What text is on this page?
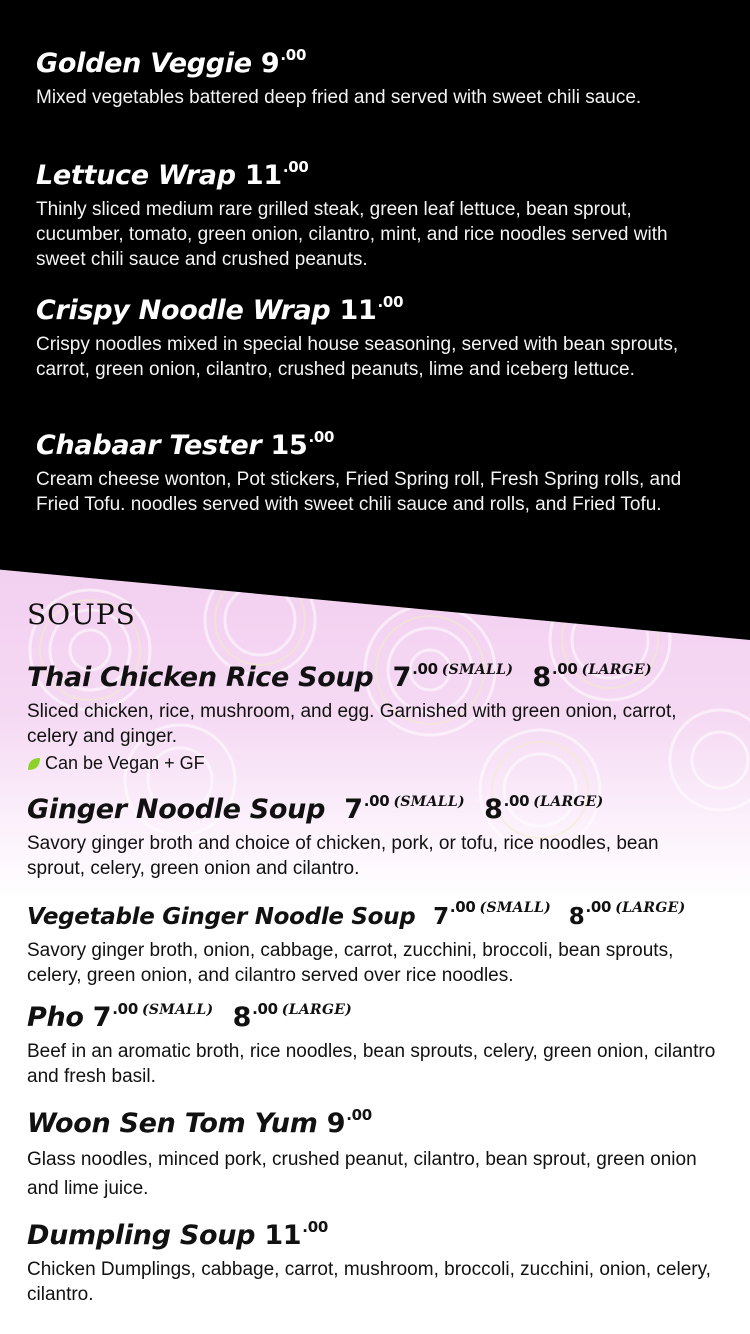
Golden Veggie $9^{.00}$
Mixed vegetables battered deep fried and served with sweet chili sauce.
Lettuce Wrap $11^{.00}$
Thinly sliced medium rare grilled steak, green leaf lettuce, bean sprout, cucumber, tomato, green onion, cilantro, mint, and rice noodles served with sweet chili sauce and crushed peanuts.
Crispy Noodle Wrap $11^{.00}$
Crispy noodles mixed in special house seasoning, served with bean sprouts, carrot, green onion, cilantro, crushed peanuts, lime and iceberg lettuce.
Chabaar Tester $15^{.00}$
Cream cheese wonton, Pot stickers, Fried Spring roll, Fresh Spring rolls, and Fried Tofu. noodles served with sweet chili sauce and rolls, and Fried Tofu.
SOUPS
Thai Chicken Rice Soup $7^{.00}$ $^{(SMALL)}$ $8^{.00}$ $^{(LARGE)}$
Sliced chicken, rice, mushroom, and egg. Garnished with green onion, carrot, celery and ginger.
Can be Vegan + GF
Ginger Noodle Soup $7^{.00}$ $^{(SMALL)}$ $8^{.00}$ $^{(LARGE)}$
Savory ginger broth and choice of chicken, pork, or tofu, rice noodles, bean sprout, celery, green onion and cilantro.
Vegetable Ginger Noodle Soup $7^{.00}$ $^{(SMALL)}$ $8^{.00}$ $^{(LARGE)}$
Savory ginger broth, onion, cabbage, carrot, zucchini, broccoli, bean sprouts, celery, green onion, and cilantro served over rice noodles.
Pho $7^{.00}$ $^{(SMALL)}$ $8^{.00}$ $^{(LARGE)}$
Beef in an aromatic broth, rice noodles, bean sprouts, celery, green onion, cilantro and fresh basil.
Woon Sen Tom Yum $9^{.00}$
Glass noodles, minced pork, crushed peanut, cilantro, bean sprout, green onion and lime juice.
Dumpling Soup $11^{.00}$
Chicken Dumplings, cabbage, carrot, mushroom, broccoli, zucchini, onion, celery, cilantro.
